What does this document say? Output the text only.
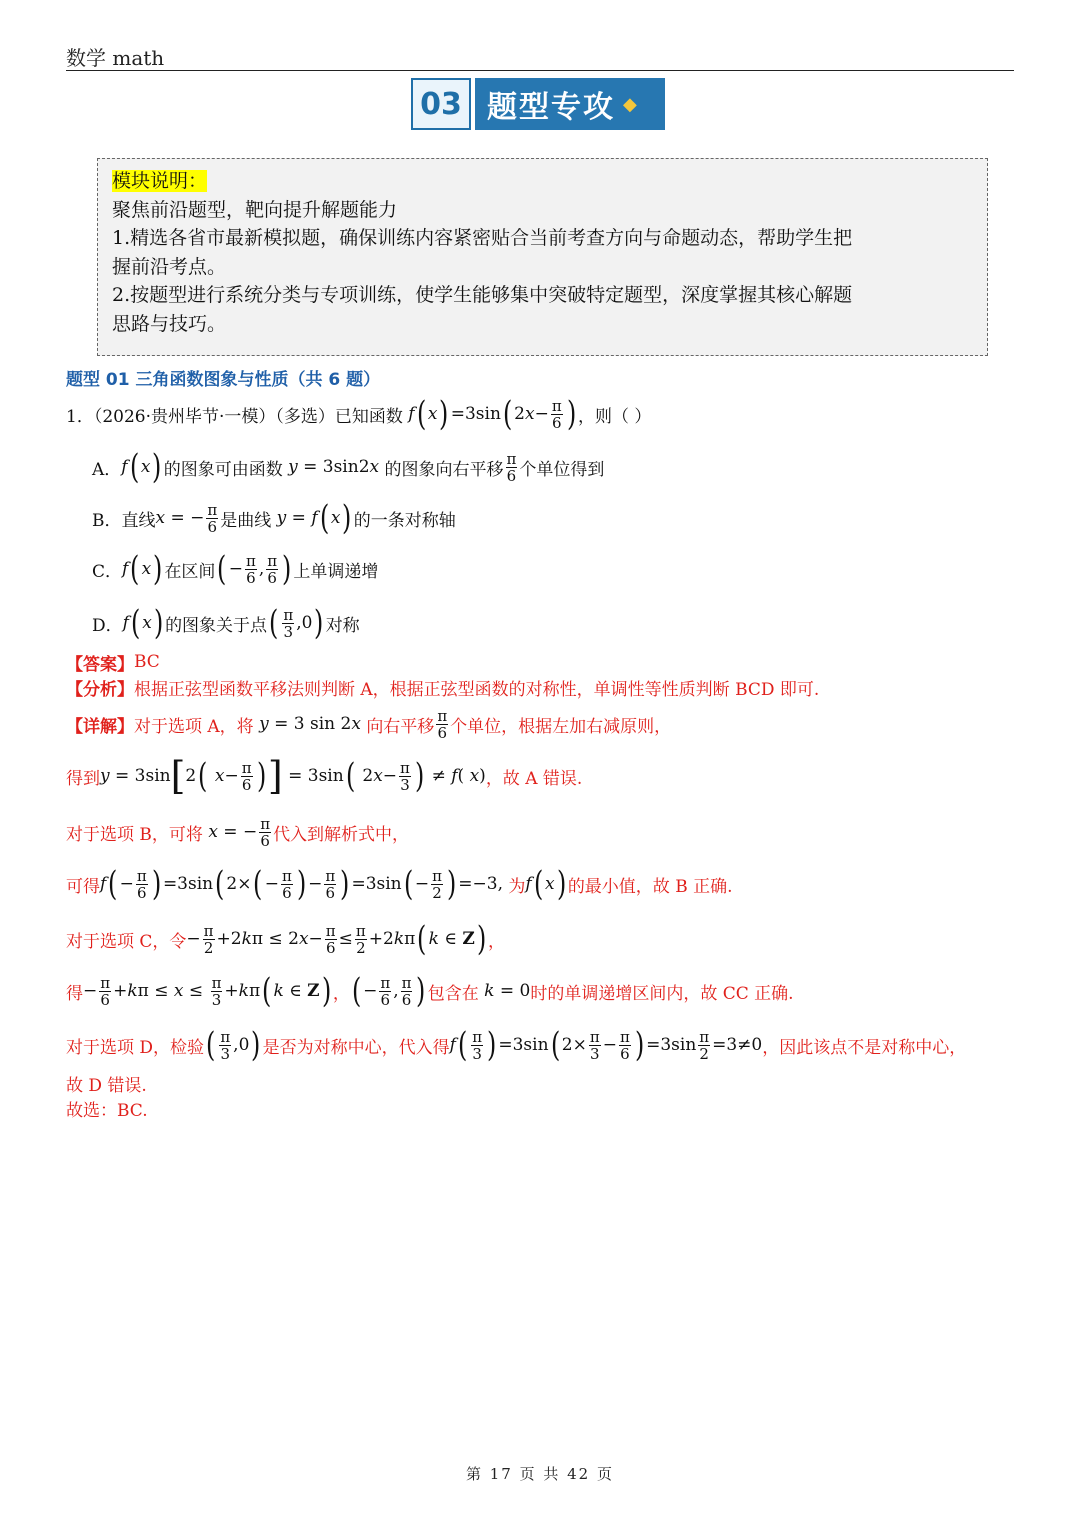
数学 math
03 题型专攻 ◆

模块说明：

聚焦前沿题型，靶向提升解题能力

1.精选各省市最新模拟题，确保训练内容紧密贴合当前考查方向与命题动态，帮助学生把

握前沿考点。

2.按题型进行系统分类与专项训练，使学生能够集中突破特定题型，深度掌握其核心解题

思路与技巧。

题型 01 三角函数图象与性质（共 6 题）
1．（2026·贵州毕节·一模）（多选）已知函数 f ( x ) =3sin ( 2 $x - \frac{\pi}{6}$ ) ，则（ ）
A． f ( x ) 的图象可由函数
y = 3sin2 x
的图象向右平移 $\frac{\pi}{6}$ 个单位得到
B．直线 x = − $\frac{\pi}{6}$ 是曲线
y = f ( x ) 的一条对称轴
C． f ( x ) 在区间 ( − $\frac{\pi}{6}$ , $\frac{\pi}{6}$ ) 上单调递增
D． f ( x ) 的图象关于点 ( $\frac{\pi}{3} ,0$ ) 对称
【答案】 BC
【分析】 根据正弦型函数平移法则判断 A，根据正弦型函数的对称性，单调性等性质判断 BCD 即可.
【详解】 对于选项 A，将 y = 3 sin 2x 向右平移 $\frac{\pi}{6}$ 个单位，根据左加右减原则，
得到 y = 3sin [ 2 (
$x - \frac{\pi}{6}$ ) ] = 3sin ( 2 $x - \frac{\pi}{3}$ ) ≠ f ( x ) ，故 A 错误.
对于选项 B，可将
x = − $\frac{\pi}{6}$ 代入到解析式中，
可得 f ( − $\frac{\pi}{6}$ ) =3sin ( 2× ( − $\frac{\pi}{6}$ ) − $\frac{\pi}{6}$ ) =3sin ( − $\frac{\pi}{2}$ ) =−3, 为 f ( x ) 的最小值，故 B 正确.
对于选项 C，令 − $\frac{\pi}{2} +2$ k π ≤ 2 $x - \frac{\pi}{6} \le \frac{\pi}{2} +2$ k π ( k ∈ Z ) ，
得 − $\frac{\pi}{6} + k$ $\pi \le x \le \frac{\pi}{3} + k$ π ( k ∈ Z ) ， ( − $\frac{\pi}{6}$ , $\frac{\pi}{6}$ ) 包含在 k = 0 时的单调递增区间内，故 CC 正确.
对于选项 D，检验 ( $\frac{\pi}{3} ,0$ ) 是否为对称中心，代入得 f ( $\frac{\pi}{3}$ ) =3sin ( $2\times \frac{\pi}{3} - \frac{\pi}{6}$ ) $=3\sin \frac{\pi}{2} =3\ne 0$ ，因此该点不是对称中心，
故 D 错误.
故选：BC.
第 17 页 共 42 页
